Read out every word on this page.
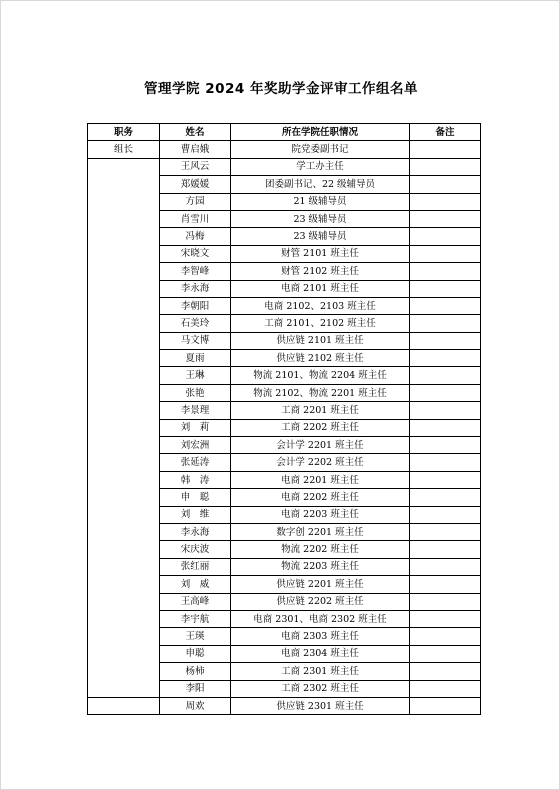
管理学院 2024 年奖助学金评审工作组名单
职务	姓名	所在学院任职情况	备注
组长	曹启娥	院党委副书记	
	王风云	学工办主任	
	郑媛媛	团委副书记、22 级辅导员	
	方园	21 级辅导员	
	肖雪川	23 级辅导员	
	冯梅	23 级辅导员	
	宋晓文	财管 2101 班主任	
	李智峰	财管 2102 班主任	
	李永海	电商 2101 班主任	
	李朝阳	电商 2102、2103 班主任	
	石美玲	工商 2101、2102 班主任	
	马文博	供应链 2101 班主任	
	夏雨	供应链 2102 班主任	
	王琳	物流 2101、物流 2204 班主任	
	张艳	物流 2102、物流 2201 班主任	
	李景理	工商 2201 班主任	
	刘　莉	工商 2202 班主任	
	刘宏洲	会计学 2201 班主任	
	张延涛	会计学 2202 班主任	
	韩　涛	电商 2201 班主任	
	申　聪	电商 2202 班主任	
	刘　维	电商 2203 班主任	
	李永海	数字创 2201 班主任	
	宋庆波	物流 2202 班主任	
	张红丽	物流 2203 班主任	
	刘　威	供应链 2201 班主任	
	王高峰	供应链 2202 班主任	
	李宇航	电商 2301、电商 2302 班主任	
	王瑛	电商 2303 班主任	
	申聪	电商 2304 班主任	
	杨柿	工商 2301 班主任	
	李阳	工商 2302 班主任	
	周欢	供应链 2301 班主任	
